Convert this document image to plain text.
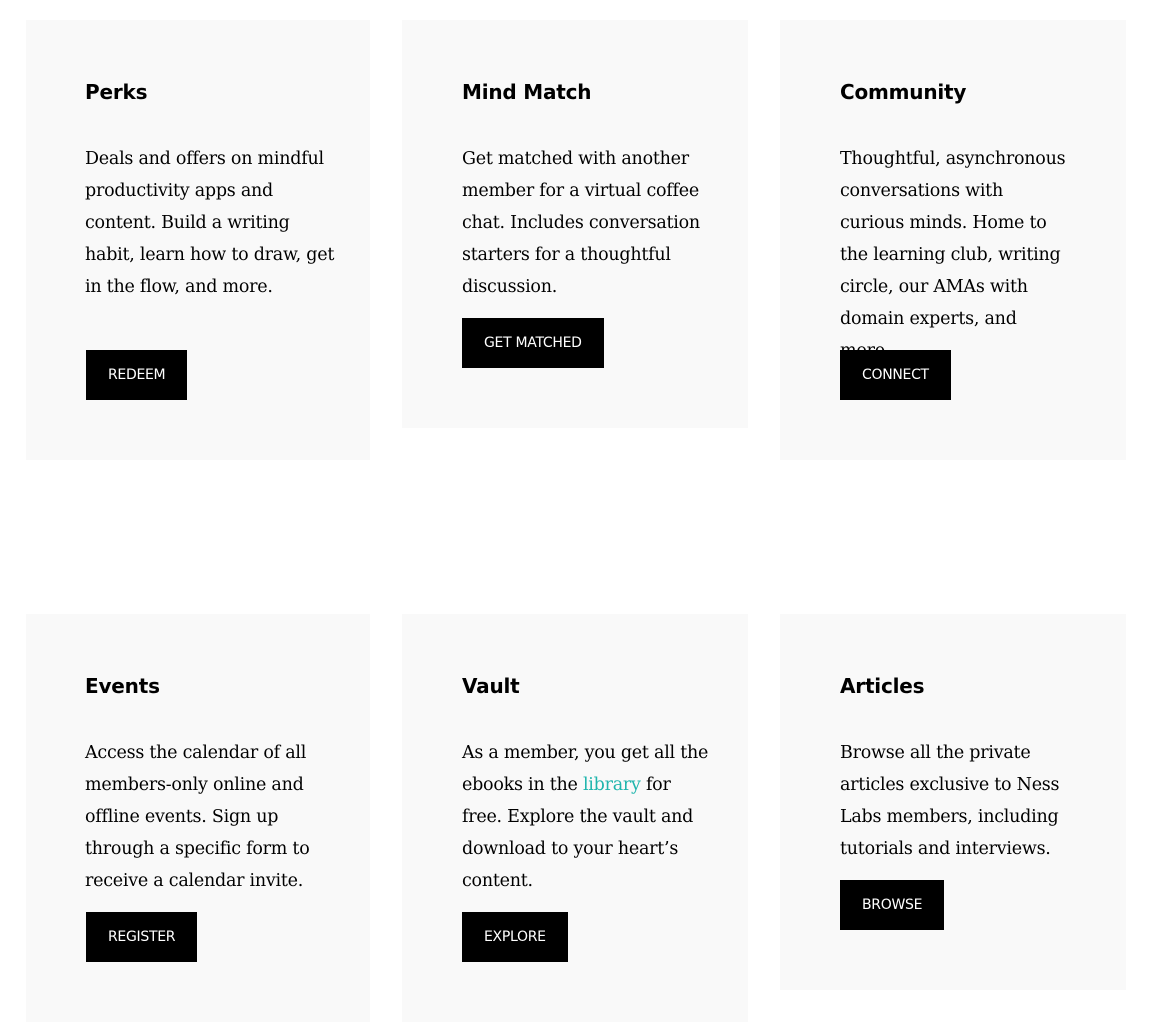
Perks

Deals and offers on mindful productivity apps and content. Build a writing habit, learn how to draw, get in the flow, and more.

REDEEM
Mind Match

Get matched with another member for a virtual coffee chat. Includes conversation starters for a thoughtful discussion.

GET MATCHED
Community

Thoughtful, asynchronous conversations with curious minds. Home to the learning club, writing circle, our AMAs with domain experts, and

CONNECT
Events

Access the calendar of all members-only online and offline events. Sign up through a specific form to receive a calendar invite.

REGISTER
Vault

As a member, you get all the ebooks in the library for free. Explore the vault and download to your heart’s content.

EXPLORE
Articles

Browse all the private articles exclusive to Ness Labs members, including tutorials and interviews.

BROWSE
